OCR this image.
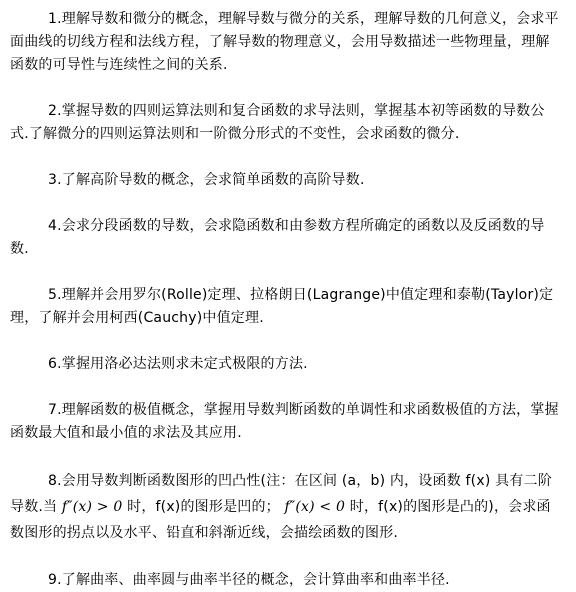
1.理解导数和微分的概念，理解导数与微分的关系，理解导数的几何意义，会求平面曲线的切线方程和法线方程，了解导数的物理意义，会用导数描述一些物理量，理解函数的可导性与连续性之间的关系.

2.掌握导数的四则运算法则和复合函数的求导法则，掌握基本初等函数的导数公式.了解微分的四则运算法则和一阶微分形式的不变性，会求函数的微分.

3.了解高阶导数的概念，会求简单函数的高阶导数.

4.会求分段函数的导数，会求隐函数和由参数方程所确定的函数以及反函数的导数.

5.理解并会用罗尔(Rolle)定理、拉格朗日(Lagrange)中值定理和泰勒(Taylor)定理，了解并会用柯西(Cauchy)中值定理.

6.掌握用洛必达法则求未定式极限的方法.

7.理解函数的极值概念，掌握用导数判断函数的单调性和求函数极值的方法，掌握函数最大值和最小值的求法及其应用.

8.会用导数判断函数图形的凹凸性(注：在区间 (a，b) 内，设函数 f(x) 具有二阶导数.当 f″(x) > 0 时，f(x)的图形是凹的； f″(x) < 0 时，f(x)的图形是凸的)，会求函数图形的拐点以及水平、铅直和斜渐近线，会描绘函数的图形.

9.了解曲率、曲率圆与曲率半径的概念，会计算曲率和曲率半径.
